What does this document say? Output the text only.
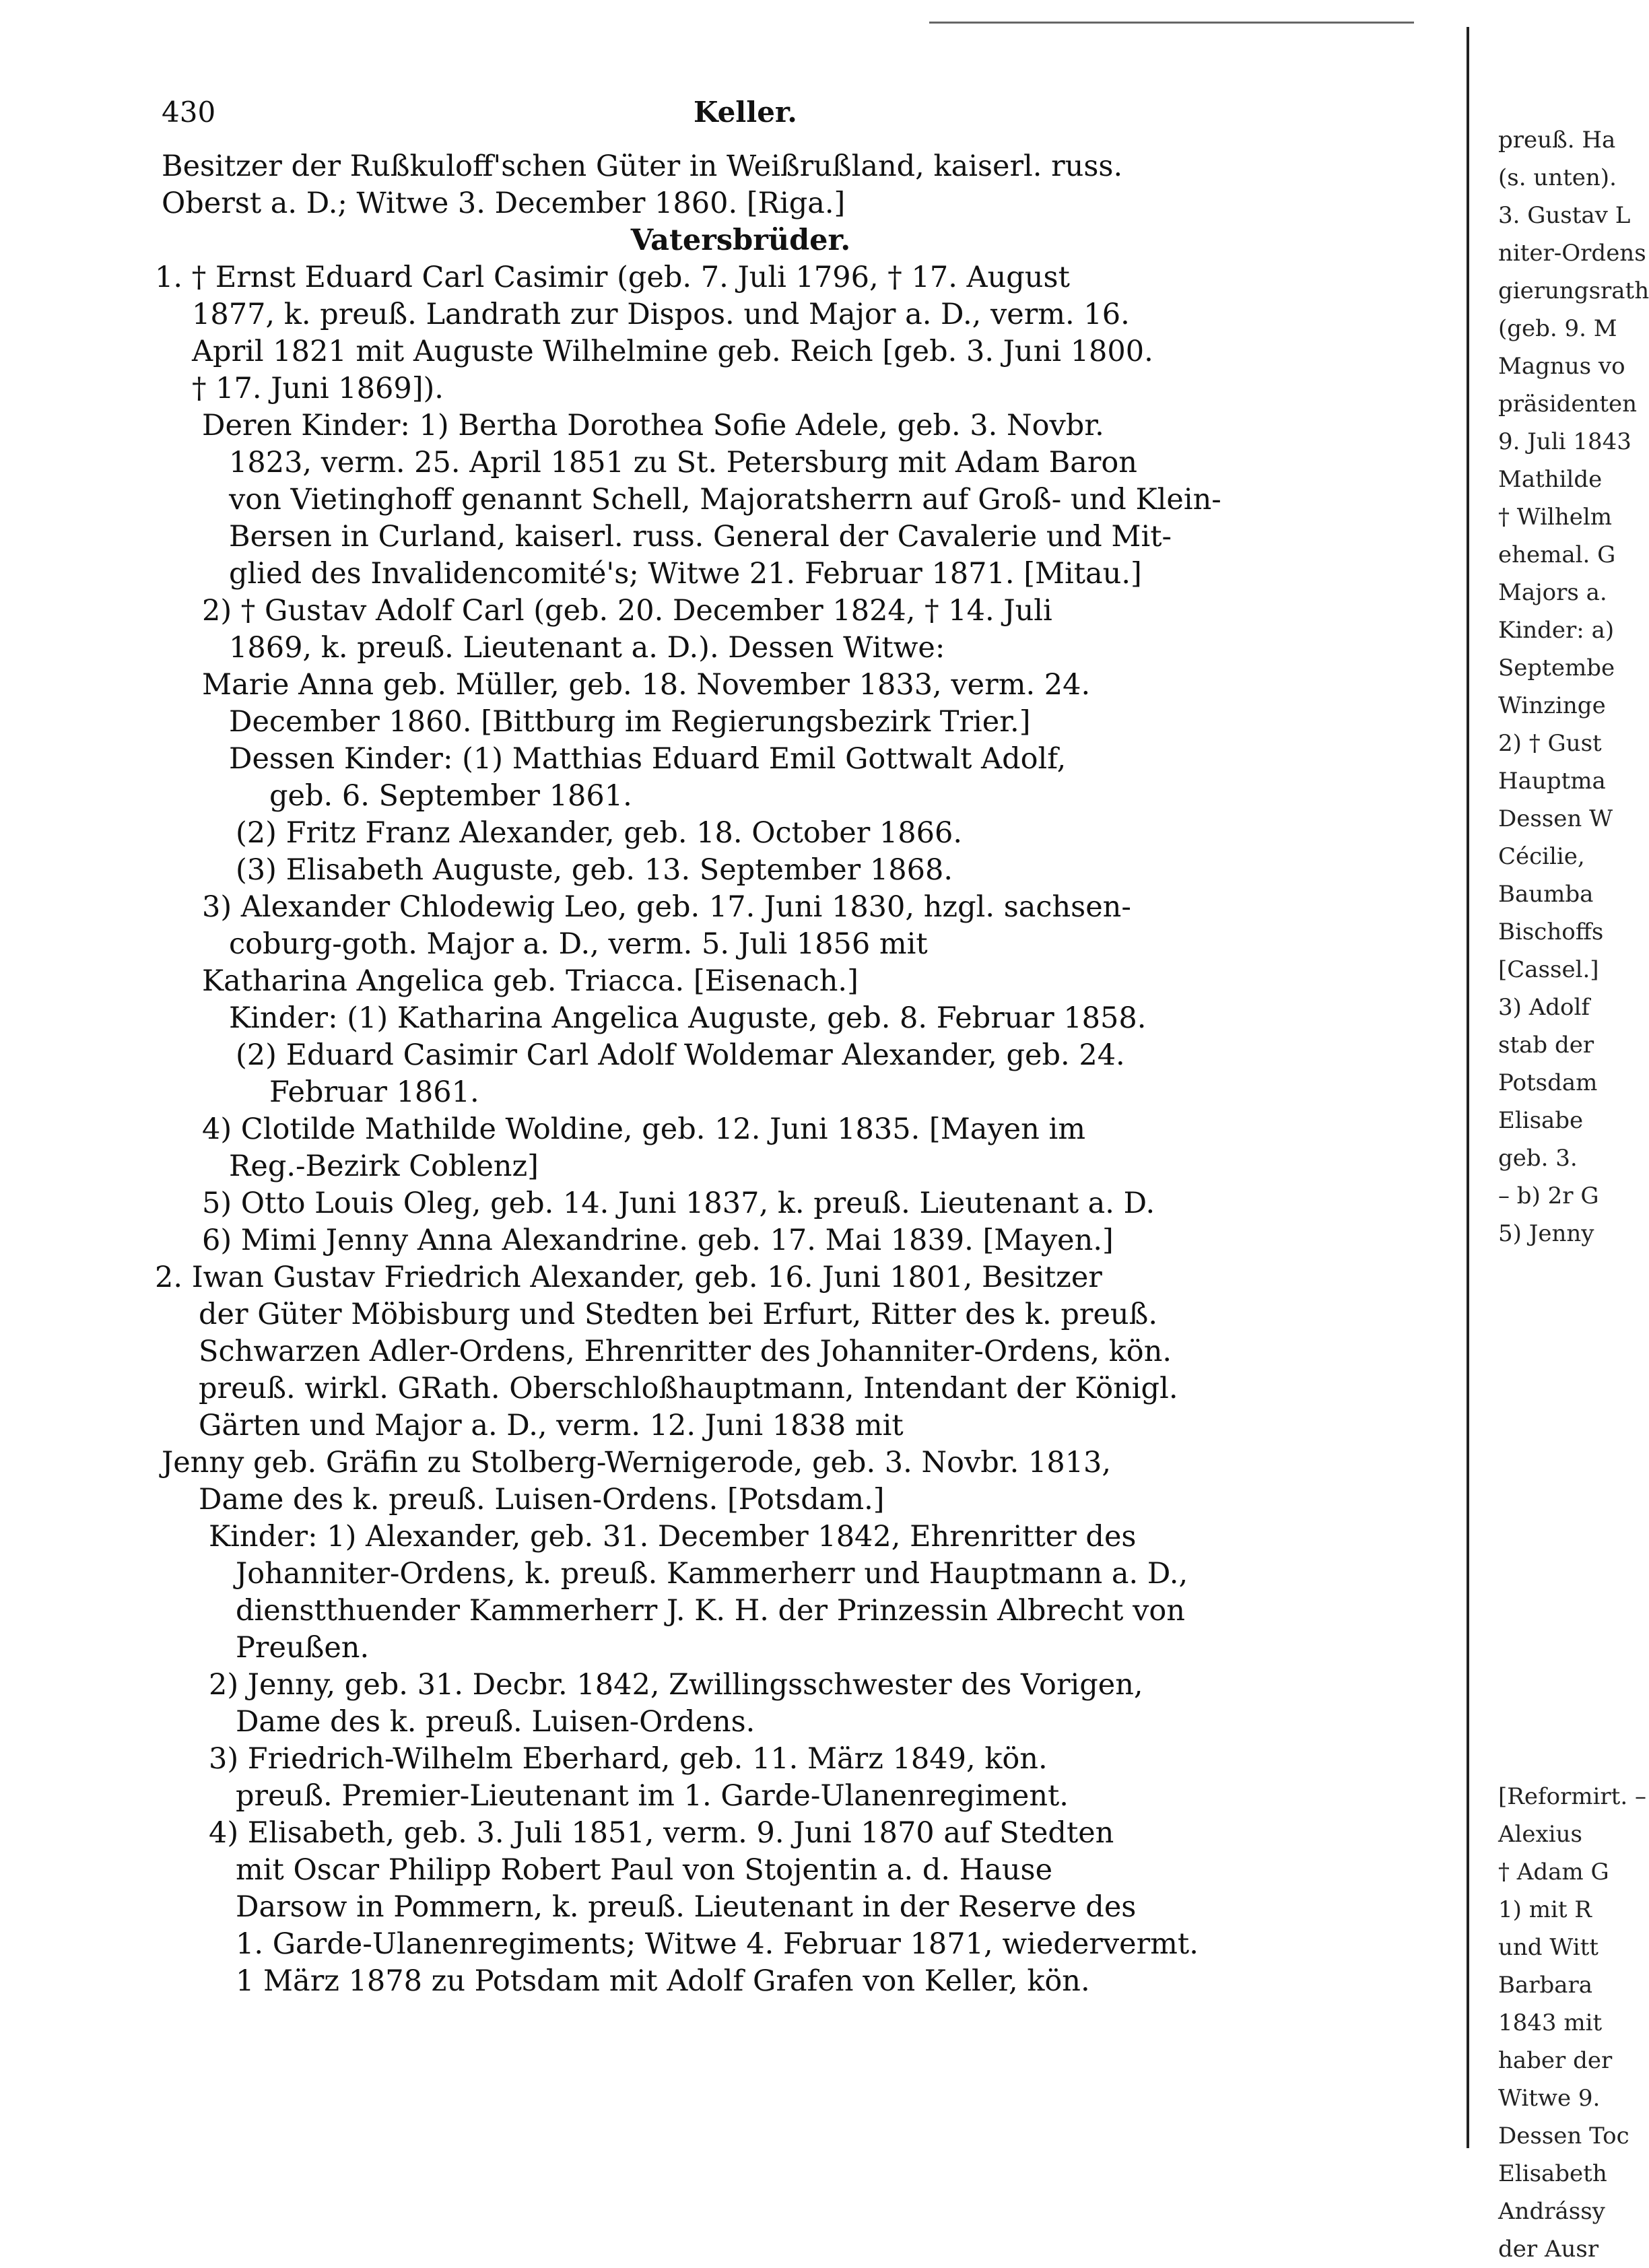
430	Keller.
Besitzer der Rußkuloff'schen Güter in Weißrußland, kaiserl. russ.
Oberst a. D.; Witwe 3. December 1860. [Riga.]
Vatersbrüder.
1. † Ernst Eduard Carl Casimir (geb. 7. Juli 1796, † 17. August
1877, k. preuß. Landrath zur Dispos. und Major a. D., verm. 16.
April 1821 mit Auguste Wilhelmine geb. Reich [geb. 3. Juni 1800.
† 17. Juni 1869]).
Deren Kinder: 1) Bertha Dorothea Sofie Adele, geb. 3. Novbr.
1823, verm. 25. April 1851 zu St. Petersburg mit Adam Baron
von Vietinghoff genannt Schell, Majoratsherrn auf Groß- und Klein-
Bersen in Curland, kaiserl. russ. General der Cavalerie und Mit-
glied des Invalidencomité's; Witwe 21. Februar 1871. [Mitau.]
2) † Gustav Adolf Carl (geb. 20. December 1824, † 14. Juli
1869, k. preuß. Lieutenant a. D.). Dessen Witwe:
Marie Anna geb. Müller, geb. 18. November 1833, verm. 24.
December 1860. [Bittburg im Regierungsbezirk Trier.]
Dessen Kinder: (1) Matthias Eduard Emil Gottwalt Adolf,
geb. 6. September 1861.
(2) Fritz Franz Alexander, geb. 18. October 1866.
(3) Elisabeth Auguste, geb. 13. September 1868.
3) Alexander Chlodewig Leo, geb. 17. Juni 1830, hzgl. sachsen-
coburg-goth. Major a. D., verm. 5. Juli 1856 mit
Katharina Angelica geb. Triacca. [Eisenach.]
Kinder: (1) Katharina Angelica Auguste, geb. 8. Februar 1858.
(2) Eduard Casimir Carl Adolf Woldemar Alexander, geb. 24.
Februar 1861.
4) Clotilde Mathilde Woldine, geb. 12. Juni 1835. [Mayen im
Reg.-Bezirk Coblenz]
5) Otto Louis Oleg, geb. 14. Juni 1837, k. preuß. Lieutenant a. D.
6) Mimi Jenny Anna Alexandrine. geb. 17. Mai 1839. [Mayen.]
2. Iwan Gustav Friedrich Alexander, geb. 16. Juni 1801, Besitzer
der Güter Möbisburg und Stedten bei Erfurt, Ritter des k. preuß.
Schwarzen Adler-Ordens, Ehrenritter des Johanniter-Ordens, kön.
preuß. wirkl. GRath. Oberschloßhauptmann, Intendant der Königl.
Gärten und Major a. D., verm. 12. Juni 1838 mit
Jenny geb. Gräfin zu Stolberg-Wernigerode, geb. 3. Novbr. 1813,
Dame des k. preuß. Luisen-Ordens. [Potsdam.]
Kinder: 1) Alexander, geb. 31. December 1842, Ehrenritter des
Johanniter-Ordens, k. preuß. Kammerherr und Hauptmann a. D.,
dienstthuender Kammerherr J. K. H. der Prinzessin Albrecht von
Preußen.
2) Jenny, geb. 31. Decbr. 1842, Zwillingsschwester des Vorigen,
Dame des k. preuß. Luisen-Ordens.
3) Friedrich-Wilhelm Eberhard, geb. 11. März 1849, kön.
preuß. Premier-Lieutenant im 1. Garde-Ulanenregiment.
4) Elisabeth, geb. 3. Juli 1851, verm. 9. Juni 1870 auf Stedten
mit Oscar Philipp Robert Paul von Stojentin a. d. Hause
Darsow in Pommern, k. preuß. Lieutenant in der Reserve des
1. Garde-Ulanenregiments; Witwe 4. Februar 1871, wiedervermt.
1 März 1878 zu Potsdam mit Adolf Grafen von Keller, kön.
preuß. Ha
(s. unten).
3. Gustav L
niter-Ordens
gierungsrath
(geb. 9. M
Magnus vo
präsidenten
9. Juli 1843
Mathilde
† Wilhelm
ehemal. G
Majors a.
Kinder: a)
Septembe
Winzinge
2) † Gust
Hauptma
Dessen W
Cécilie,
Baumba
Bischoffs
[Cassel.]
3) Adolf
stab der
Potsdam
Elisabe
geb. 3.
– b) 2r G
5) Jenny
[Reformirt. –
Alexius
† Adam G
1) mit R
und Witt
Barbara
1843 mit
haber der
Witwe 9.
Dessen Toc
Elisabeth
Andrássy
der Ausr
